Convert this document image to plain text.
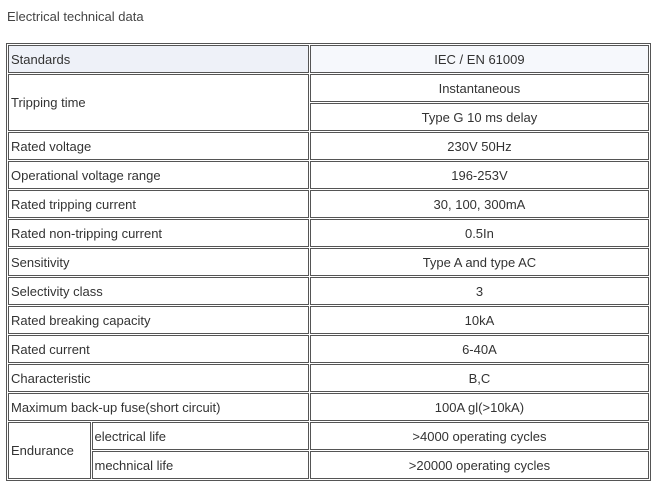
Electrical technical data
Standards		IEC / EN 61009
Tripping time		Instantaneous
		Type G 10 ms delay
Rated voltage		230V 50Hz
Operational voltage range		196-253V
Rated tripping current		30, 100, 300mA
Rated non-tripping current		0.5In
Sensitivity		Type A and type AC
Selectivity class		3
Rated breaking capacity		10kA
Rated current		6-40A
Characteristic		B,C
Maximum back-up fuse(short circuit)		100A gl(>10kA)
Endurance	electrical life	>4000 operating cycles
	mechnical life	>20000 operating cycles
